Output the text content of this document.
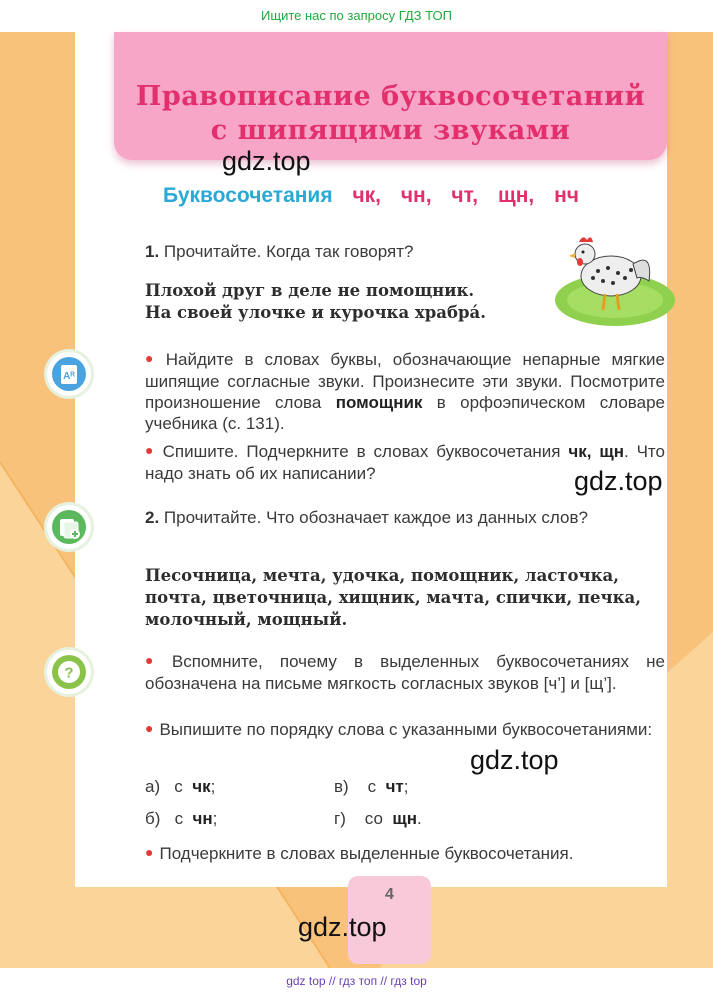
Ищите нас по запросу ГДЗ ТОП
Правописание буквосочетаний
с шипящими звуками
gdz.top
Буквосочетания чк, чн, чт, щн, нч
1. Прочитайте. Когда так говорят?
Плохой друг в деле не помощник.
На своей улочке и курочка храбра́.
Aᴿ
● Найдите в словах буквы, обозначающие непарные мягкие шипящие согласные звуки. Произнесите эти звуки. Посмотрите произношение слова помощник в орфоэпическом словаре учебника (с. 131).
● Спишите. Подчеркните в словах буквосочетания чк, щн. Что надо знать об их написании?	gdz.top
2. Прочитайте. Что обозначает каждое из данных слов?
Песочница, мечта, удочка, помощник, ласточка,
почта, цветочница, хищник, мачта, спички, печка,
молочный, мощный.
?
● Вспомните, почему в выделенных буквосочетаниях не обозначена на письме мягкость согласных звуков [ч’] и [щ’].
● Выпишите по порядку слова с указанными буквосочетаниями:
gdz.top
а) с чк;	в) с чт;
б) с чн;	г) со щн.
● Подчеркните в словах выделенные буквосочетания.
4
gdz.top
gdz top // гдз топ // гдз top
